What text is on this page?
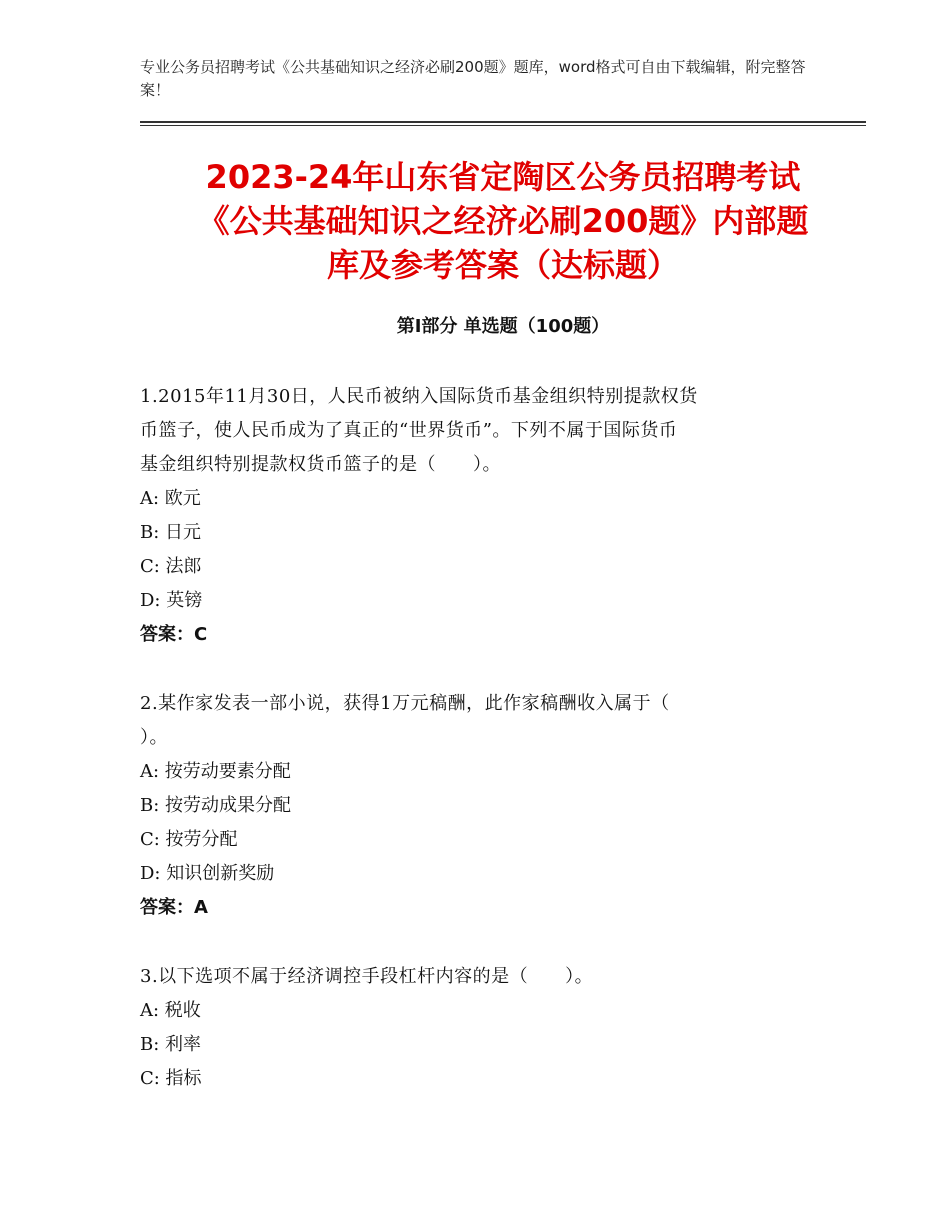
专业公务员招聘考试《公共基础知识之经济必刷200题》题库，word格式可自由下载编辑，附完整答案！
2023-24年山东省定陶区公务员招聘考试
《公共基础知识之经济必刷200题》内部题
库及参考答案（达标题）
第Ⅰ部分 单选题（100题）
1.2015年11月30日，人民币被纳入国际货币基金组织特别提款权货
币篮子，使人民币成为了真正的“世界货币”。下列不属于国际货币
基金组织特别提款权货币篮子的是（　　）。
A: 欧元
B: 日元
C: 法郎
D: 英镑
答案：C
2.某作家发表一部小说，获得1万元稿酬，此作家稿酬收入属于（
）。
A: 按劳动要素分配
B: 按劳动成果分配
C: 按劳分配
D: 知识创新奖励
答案：A
3.以下选项不属于经济调控手段杠杆内容的是（　　）。
A: 税收
B: 利率
C: 指标
